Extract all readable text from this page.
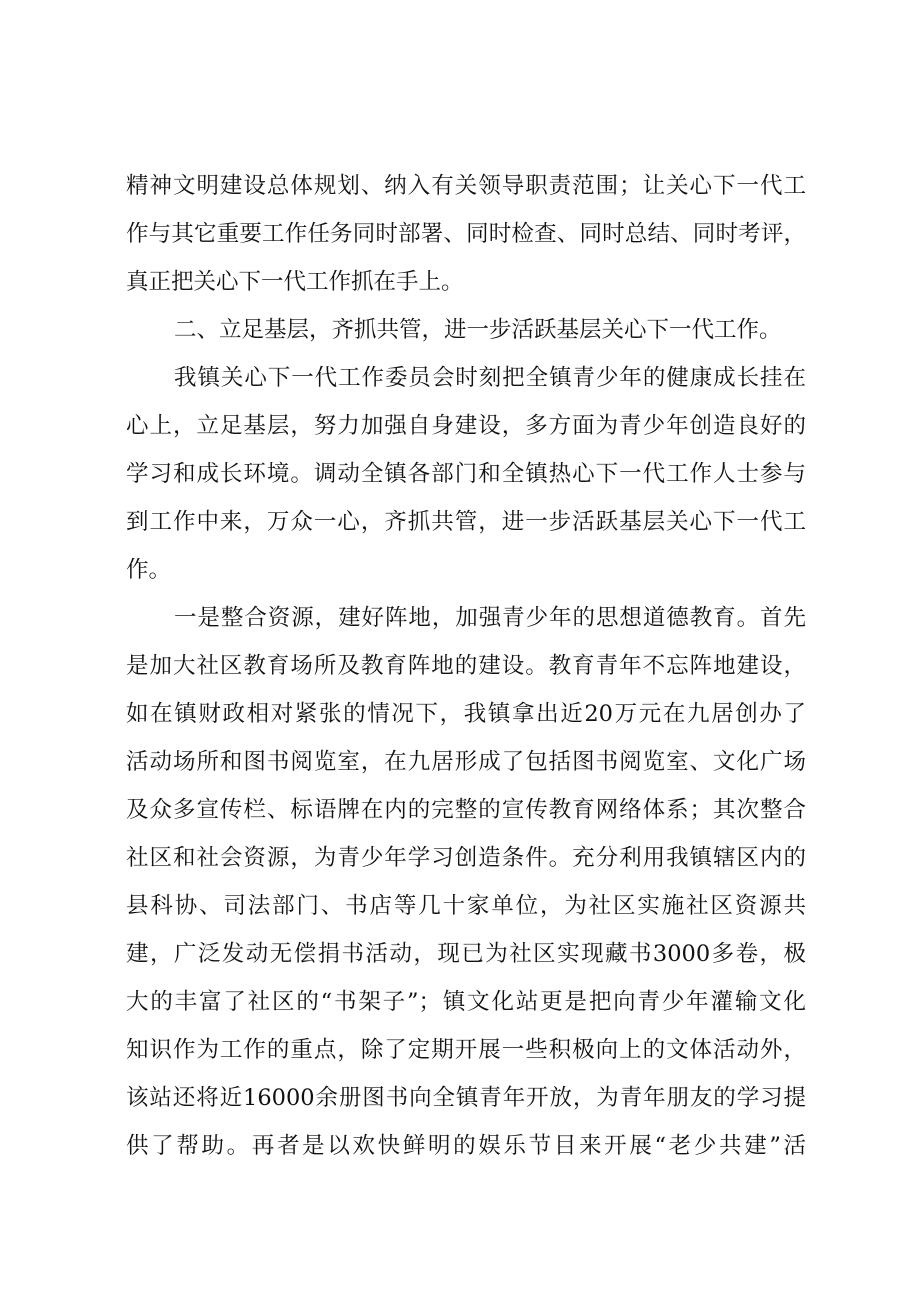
精神文明建设总体规划、纳入有关领导职责范围；让关心下一代工
作与其它重要工作任务同时部署、同时检查、同时总结、同时考评，
真正把关心下一代工作抓在手上。
二、立足基层，齐抓共管，进一步活跃基层关心下一代工作。
我镇关心下一代工作委员会时刻把全镇青少年的健康成长挂在
心上，立足基层，努力加强自身建设，多方面为青少年创造良好的
学习和成长环境。调动全镇各部门和全镇热心下一代工作人士参与
到工作中来，万众一心，齐抓共管，进一步活跃基层关心下一代工
作。
一是整合资源，建好阵地，加强青少年的思想道德教育。首先
是加大社区教育场所及教育阵地的建设。教育青年不忘阵地建设，
如在镇财政相对紧张的情况下，我镇拿出近20万元在九居创办了
活动场所和图书阅览室，在九居形成了包括图书阅览室、文化广场
及众多宣传栏、标语牌在内的完整的宣传教育网络体系；其次整合
社区和社会资源，为青少年学习创造条件。充分利用我镇辖区内的
县科协、司法部门、书店等几十家单位，为社区实施社区资源共
建，广泛发动无偿捐书活动，现已为社区实现藏书3000多卷，极
大的丰富了社区的“书架子”；镇文化站更是把向青少年灌输文化
知识作为工作的重点，除了定期开展一些积极向上的文体活动外，
该站还将近16000余册图书向全镇青年开放，为青年朋友的学习提
供了帮助。再者是以欢快鲜明的娱乐节目来开展“老少共建”活
